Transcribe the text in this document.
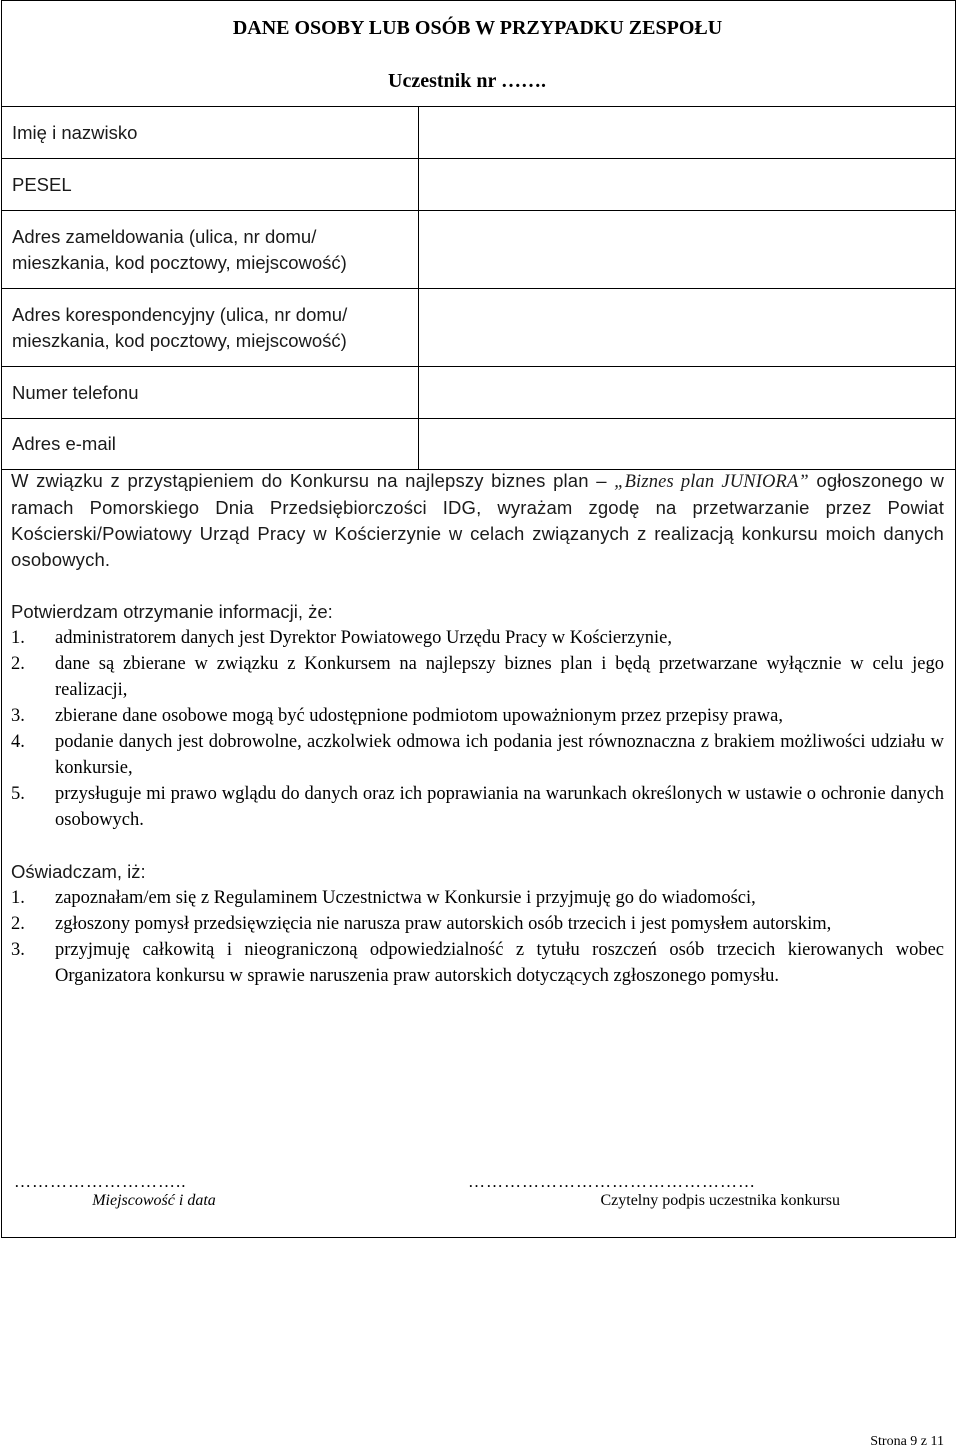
DANE OSOBY LUB OSÓB W PRZYPADKU ZESPOŁU
Uczestnik nr …….
Imię i nazwisko	
PESEL	
Adres zameldowania (ulica, nr domu/ mieszkania, kod pocztowy, miejscowość)	
Adres korespondencyjny (ulica, nr domu/ mieszkania, kod pocztowy, miejscowość)	
Numer telefonu	
Adres e-mail	

W związku z przystąpieniem do Konkursu na najlepszy biznes plan – „Biznes plan JUNIORA” ogłoszonego w ramach Pomorskiego Dnia Przedsiębiorczości IDG, wyrażam zgodę na przetwarzanie przez Powiat Kościerski/Powiatowy Urząd Pracy w Kościerzynie w celach związanych z realizacją konkursu moich danych osobowych.

Potwierdzam otrzymanie informacji, że:

1. administratorem danych jest Dyrektor Powiatowego Urzędu Pracy w Kościerzynie,
2. dane są zbierane w związku z Konkursem na najlepszy biznes plan i będą przetwarzane wyłącznie w celu jego realizacji,
3. zbierane dane osobowe mogą być udostępnione podmiotom upoważnionym przez przepisy prawa,
4. podanie danych jest dobrowolne, aczkolwiek odmowa ich podania jest równoznaczna z brakiem możliwości udziału w konkursie,
5. przysługuje mi prawo wglądu do danych oraz ich poprawiania na warunkach określonych w ustawie o ochronie danych osobowych.

Oświadczam, iż:

1. zapoznałam/em się z Regulaminem Uczestnictwa w Konkursie i przyjmuję go do wiadomości,
2. zgłoszony pomysł przedsięwzięcia nie narusza praw autorskich osób trzecich i jest pomysłem autorskim,
3. przyjmuję całkowitą i nieograniczoną odpowiedzialność z tytułu roszczeń osób trzecich kierowanych wobec Organizatora konkursu w sprawie naruszenia praw autorskich dotyczących zgłoszonego pomysłu.
………………………..
Miejscowość i data
…………………………………………
Czytelny podpis uczestnika konkursu
Strona 9 z 11
